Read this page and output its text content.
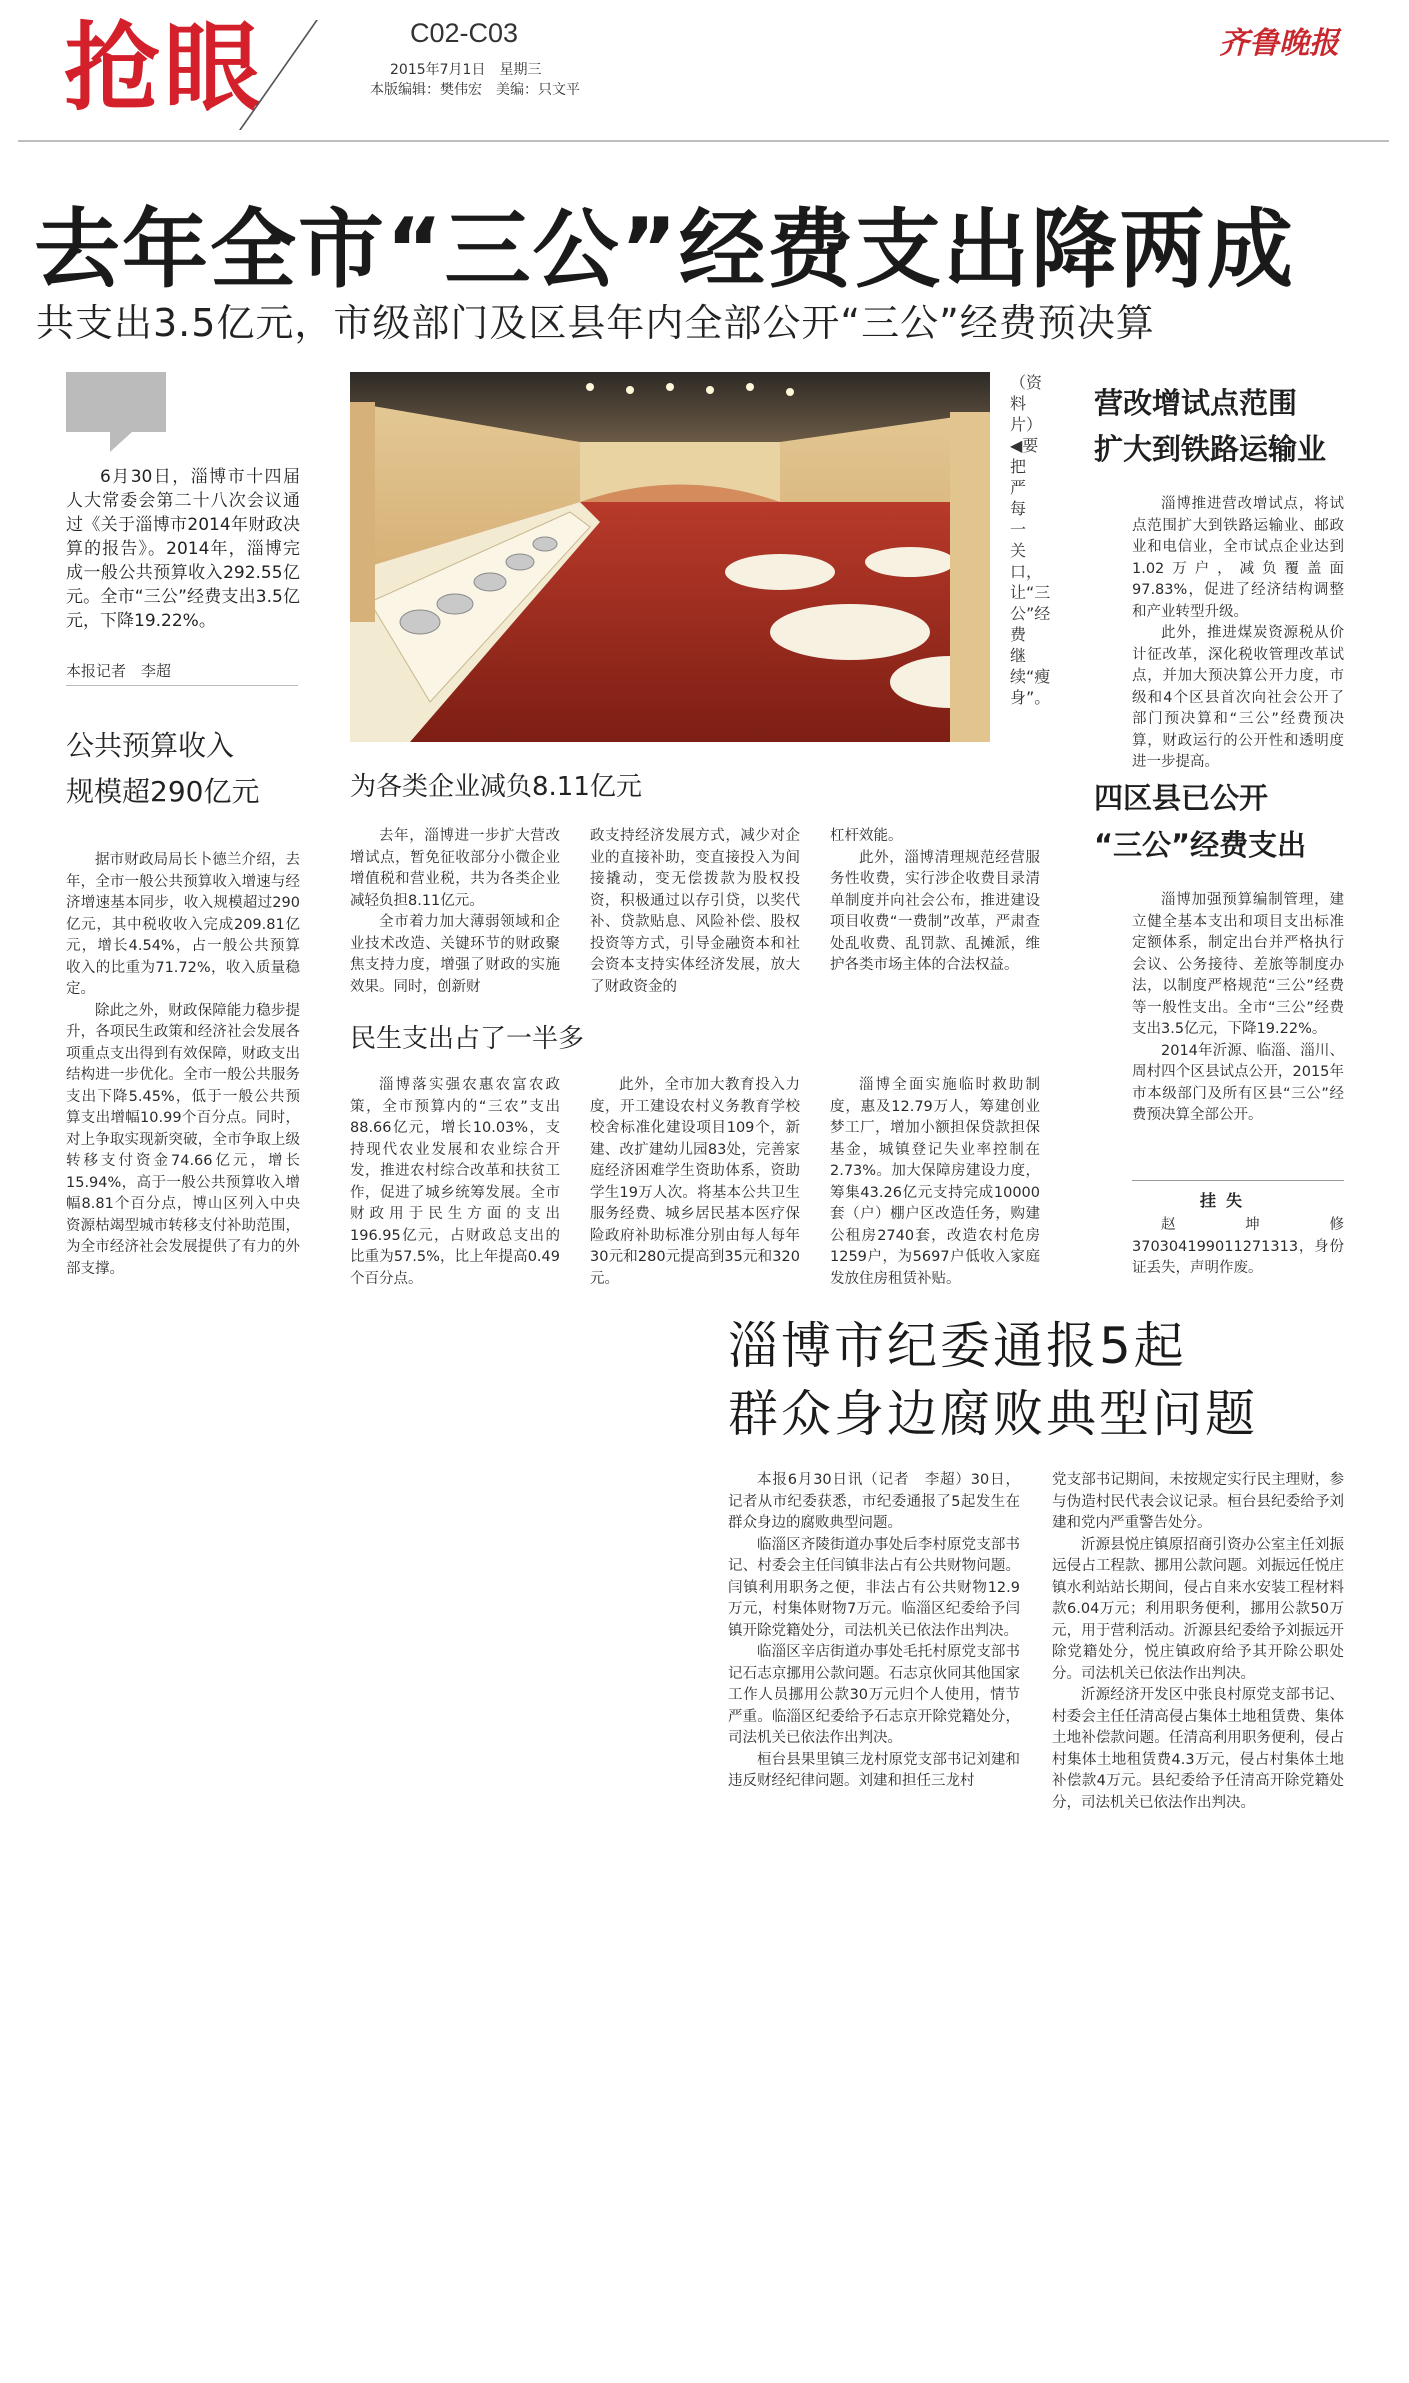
抢眼	C02-C03
2015年7月1日　星期三
本版编辑：樊伟宏　美编：只文平
齐鲁晚报
去年全市“三公”经费支出降两成
共支出3.5亿元，市级部门及区县年内全部公开“三公”经费预决算
6月30日，淄博市十四届人大常委会第二十八次会议通过《关于淄博市2014年财政决算的报告》。2014年，淄博完成一般公共预算收入292.55亿元。全市“三公”经费支出3.5亿元，下降19.22%。
本报记者　李超
（资料片）◀要把严每一关口，让“三公”经费继续“瘦身”。
公共预算收入
规模超290亿元

据市财政局局长卜德兰介绍，去年，全市一般公共预算收入增速与经济增速基本同步，收入规模超过290亿元，其中税收收入完成209.81亿元，增长4.54%，占一般公共预算收入的比重为71.72%，收入质量稳定。

除此之外，财政保障能力稳步提升，各项民生政策和经济社会发展各项重点支出得到有效保障，财政支出结构进一步优化。全市一般公共服务支出下降5.45%，低于一般公共预算支出增幅10.99个百分点。同时，对上争取实现新突破，全市争取上级转移支付资金74.66亿元，增长15.94%，高于一般公共预算收入增幅8.81个百分点，博山区列入中央资源枯竭型城市转移支付补助范围，为全市经济社会发展提供了有力的外部支撑。

为各类企业减负8.11亿元

去年，淄博进一步扩大营改增试点，暂免征收部分小微企业增值税和营业税，共为各类企业减轻负担8.11亿元。

全市着力加大薄弱领域和企业技术改造、关键环节的财政聚焦支持力度，增强了财政的实施效果。同时，创新财

政支持经济发展方式，减少对企业的直接补助，变直接投入为间接撬动，变无偿拨款为股权投资，积极通过以存引贷，以奖代补、贷款贴息、风险补偿、股权投资等方式，引导金融资本和社会资本支持实体经济发展，放大了财政资金的

杠杆效能。

此外，淄博清理规范经营服务性收费，实行涉企收费目录清单制度并向社会公布，推进建设项目收费“一费制”改革，严肃查处乱收费、乱罚款、乱摊派，维护各类市场主体的合法权益。

民生支出占了一半多

淄博落实强农惠农富农政策，全市预算内的“三农”支出88.66亿元，增长10.03%，支持现代农业发展和农业综合开发，推进农村综合改革和扶贫工作，促进了城乡统筹发展。全市财政用于民生方面的支出196.95亿元，占财政总支出的比重为57.5%，比上年提高0.49个百分点。

此外，全市加大教育投入力度，开工建设农村义务教育学校校舍标准化建设项目109个，新建、改扩建幼儿园83处，完善家庭经济困难学生资助体系，资助学生19万人次。将基本公共卫生服务经费、城乡居民基本医疗保险政府补助标准分别由每人每年30元和280元提高到35元和320元。

淄博全面实施临时救助制度，惠及12.79万人，筹建创业梦工厂，增加小额担保贷款担保基金，城镇登记失业率控制在2.73%。加大保障房建设力度，筹集43.26亿元支持完成10000套（户）棚户区改造任务，购建公租房2740套，改造农村危房1259户，为5697户低收入家庭发放住房租赁补贴。

营改增试点范围
扩大到铁路运输业

淄博推进营改增试点，将试点范围扩大到铁路运输业、邮政业和电信业，全市试点企业达到1.02万户，减负覆盖面97.83%，促进了经济结构调整和产业转型升级。

此外，推进煤炭资源税从价计征改革，深化税收管理改革试点，并加大预决算公开力度，市级和4个区县首次向社会公开了部门预决算和“三公”经费预决算，财政运行的公开性和透明度进一步提高。

四区县已公开
“三公”经费支出

淄博加强预算编制管理，建立健全基本支出和项目支出标准定额体系，制定出台并严格执行会议、公务接待、差旅等制度办法，以制度严格规范“三公”经费等一般性支出。全市“三公”经费支出3.5亿元，下降19.22%。

2014年沂源、临淄、淄川、周村四个区县试点公开，2015年市本级部门及所有区县“三公”经费预决算全部公开。

挂失

赵坤修370304199011271313，身份证丢失，声明作废。

淄博市纪委通报5起
群众身边腐败典型问题

本报6月30日讯（记者　李超）30日，记者从市纪委获悉，市纪委通报了5起发生在群众身边的腐败典型问题。

临淄区齐陵街道办事处后李村原党支部书记、村委会主任闫镇非法占有公共财物问题。闫镇利用职务之便，非法占有公共财物12.9万元，村集体财物7万元。临淄区纪委给予闫镇开除党籍处分，司法机关已依法作出判决。

临淄区辛店街道办事处毛托村原党支部书记石志京挪用公款问题。石志京伙同其他国家工作人员挪用公款30万元归个人使用，情节严重。临淄区纪委给予石志京开除党籍处分，司法机关已依法作出判决。

桓台县果里镇三龙村原党支部书记刘建和违反财经纪律问题。刘建和担任三龙村

党支部书记期间，未按规定实行民主理财，参与伪造村民代表会议记录。桓台县纪委给予刘建和党内严重警告处分。

沂源县悦庄镇原招商引资办公室主任刘振远侵占工程款、挪用公款问题。刘振远任悦庄镇水利站站长期间，侵占自来水安装工程材料款6.04万元；利用职务便利，挪用公款50万元，用于营利活动。沂源县纪委给予刘振远开除党籍处分，悦庄镇政府给予其开除公职处分。司法机关已依法作出判决。

沂源经济开发区中张良村原党支部书记、村委会主任任清高侵占集体土地租赁费、集体土地补偿款问题。任清高利用职务便利，侵占村集体土地租赁费4.3万元，侵占村集体土地补偿款4万元。县纪委给予任清高开除党籍处分，司法机关已依法作出判决。
